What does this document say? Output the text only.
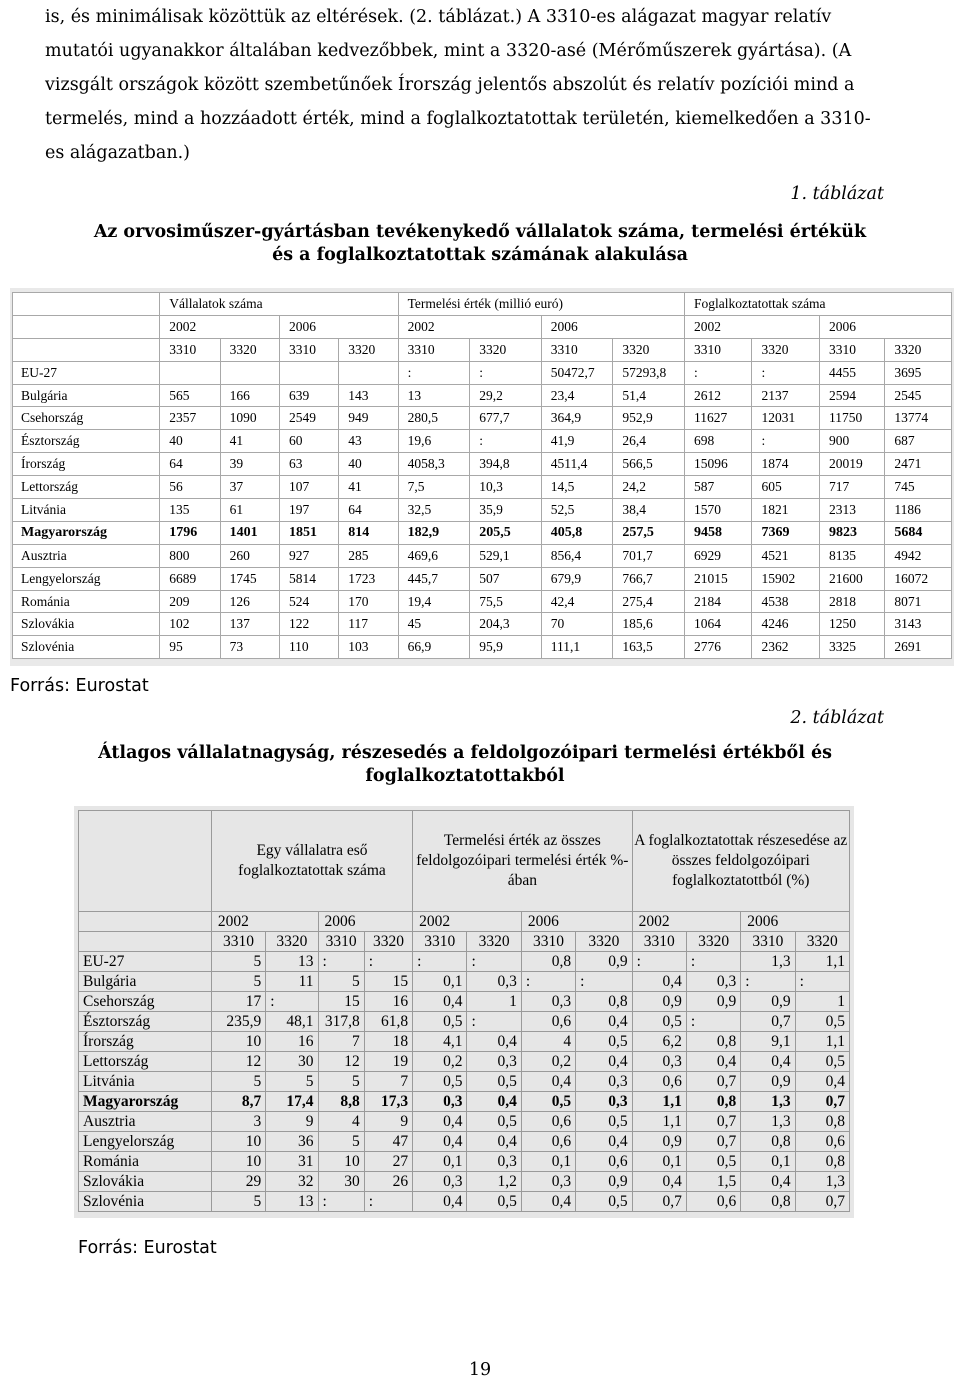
is, és minimálisak közöttük az eltérések. (2. táblázat.) A 3310-es alágazat magyar relatív
mutatói ugyanakkor általában kedvezőbbek, mint a 3320-asé (Mérőműszerek gyártása). (A
vizsgált országok között szembetűnőek Írország jelentős abszolút és relatív pozíciói mind a
termelés, mind a hozzáadott érték, mind a foglalkoztatottak területén, kiemelkedően a 3310-
es alágazatban.)
1. táblázat
Az orvosiműszer-gyártásban tevékenykedő vállalatok száma, termelési értékük
és a foglalkoztatottak számának alakulása
	Vállalatok száma				Termelési érték (millió euró)				Foglalkoztatottak száma			
	2002		2006		2002		2006		2002		2006	
	3310	3320	3310	3320	3310	3320	3310	3320	3310	3320	3310	3320
EU-27					:	:	50472,7	57293,8	:	:	4455	3695
Bulgária	565	166	639	143	13	29,2	23,4	51,4	2612	2137	2594	2545
Csehország	2357	1090	2549	949	280,5	677,7	364,9	952,9	11627	12031	11750	13774
Észtország	40	41	60	43	19,6	:	41,9	26,4	698	:	900	687
Írország	64	39	63	40	4058,3	394,8	4511,4	566,5	15096	1874	20019	2471
Lettország	56	37	107	41	7,5	10,3	14,5	24,2	587	605	717	745
Litvánia	135	61	197	64	32,5	35,9	52,5	38,4	1570	1821	2313	1186
Magyarország	1796	1401	1851	814	182,9	205,5	405,8	257,5	9458	7369	9823	5684
Ausztria	800	260	927	285	469,6	529,1	856,4	701,7	6929	4521	8135	4942
Lengyelország	6689	1745	5814	1723	445,7	507	679,9	766,7	21015	15902	21600	16072
Románia	209	126	524	170	19,4	75,5	42,4	275,4	2184	4538	2818	8071
Szlovákia	102	137	122	117	45	204,3	70	185,6	1064	4246	1250	3143
Szlovénia	95	73	110	103	66,9	95,9	111,1	163,5	2776	2362	3325	2691
Forrás: Eurostat
2. táblázat
Átlagos vállalatnagyság, részesedés a feldolgozóipari termelési értékből és
foglalkoztatottakból
	Egy vállalatra eső foglalkoztatottak száma				Termelési érték az összes feldolgozóipari termelési érték %-ában				A foglalkoztatottak részesedése az összes feldolgozóipari foglalkoztatottból (%)			
	2002		2006		2002		2006		2002		2006	
	3310	3320	3310	3320	3310	3320	3310	3320	3310	3320	3310	3320
EU-27	5	13	:	:	:	:	0,8	0,9	:	:	1,3	1,1
Bulgária	5	11	5	15	0,1	0,3	:	:	0,4	0,3	:	:
Csehország	17	:	15	16	0,4	1	0,3	0,8	0,9	0,9	0,9	1
Észtország	235,9	48,1	317,8	61,8	0,5	:	0,6	0,4	0,5	:	0,7	0,5
Írország	10	16	7	18	4,1	0,4	4	0,5	6,2	0,8	9,1	1,1
Lettország	12	30	12	19	0,2	0,3	0,2	0,4	0,3	0,4	0,4	0,5
Litvánia	5	5	5	7	0,5	0,5	0,4	0,3	0,6	0,7	0,9	0,4
Magyarország	8,7	17,4	8,8	17,3	0,3	0,4	0,5	0,3	1,1	0,8	1,3	0,7
Ausztria	3	9	4	9	0,4	0,5	0,6	0,5	1,1	0,7	1,3	0,8
Lengyelország	10	36	5	47	0,4	0,4	0,6	0,4	0,9	0,7	0,8	0,6
Románia	10	31	10	27	0,1	0,3	0,1	0,6	0,1	0,5	0,1	0,8
Szlovákia	29	32	30	26	0,3	1,2	0,3	0,9	0,4	1,5	0,4	1,3
Szlovénia	5	13	:	:	0,4	0,5	0,4	0,5	0,7	0,6	0,8	0,7
Forrás: Eurostat
19
